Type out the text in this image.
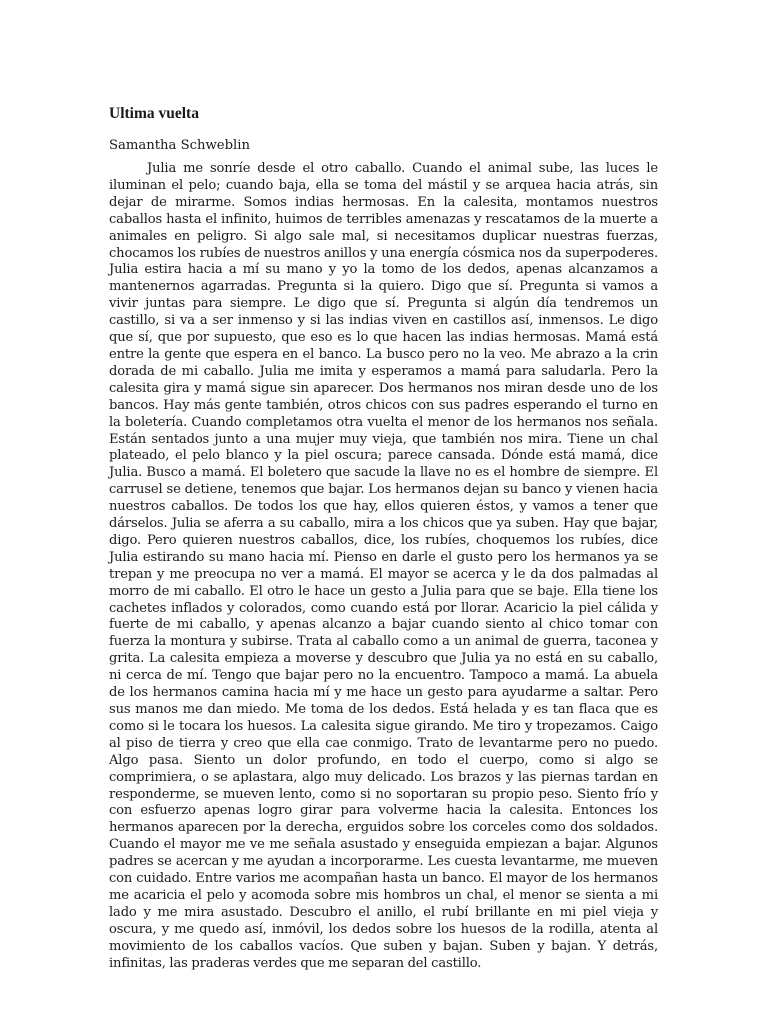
Ultima vuelta

Samantha Schweblin

Julia me sonríe desde el otro caballo. Cuando el animal sube, las luces le iluminan el pelo; cuando baja, ella se toma del mástil y se arquea hacia atrás, sin dejar de mirarme. Somos indias hermosas. En la calesita, montamos nuestros caballos hasta el infinito, huimos de terribles amenazas y rescatamos de la muerte a animales en peligro. Si algo sale mal, si necesitamos duplicar nuestras fuerzas, chocamos los rubíes de nuestros anillos y una energía cósmica nos da superpoderes. Julia estira hacia a mí su mano y yo la tomo de los dedos, apenas alcanzamos a mantenernos agarradas. Pregunta si la quiero. Digo que sí. Pregunta si vamos a vivir juntas para siempre. Le digo que sí. Pregunta si algún día tendremos un castillo, si va a ser inmenso y si las indias viven en castillos así, inmensos. Le digo que sí, que por supuesto, que eso es lo que hacen las indias hermosas. Mamá está entre la gente que espera en el banco. La busco pero no la veo. Me abrazo a la crin dorada de mi caballo. Julia me imita y esperamos a mamá para saludarla. Pero la calesita gira y mamá sigue sin aparecer. Dos hermanos nos miran desde uno de los bancos. Hay más gente también, otros chicos con sus padres esperando el turno en la boletería. Cuando completamos otra vuelta el menor de los hermanos nos señala. Están sentados junto a una mujer muy vieja, que también nos mira. Tiene un chal plateado, el pelo blanco y la piel oscura; parece cansada. Dónde está mamá, dice Julia. Busco a mamá. El boletero que sacude la llave no es el hombre de siempre. El carrusel se detiene, tenemos que bajar. Los hermanos dejan su banco y vienen hacia nuestros caballos. De todos los que hay, ellos quieren éstos, y vamos a tener que dárselos. Julia se aferra a su caballo, mira a los chicos que ya suben. Hay que bajar, digo. Pero quieren nuestros caballos, dice, los rubíes, choquemos los rubíes, dice Julia estirando su mano hacia mí. Pienso en darle el gusto pero los hermanos ya se trepan y me preocupa no ver a mamá. El mayor se acerca y le da dos palmadas al morro de mi caballo. El otro le hace un gesto a Julia para que se baje. Ella tiene los cachetes inflados y colorados, como cuando está por llorar. Acaricio la piel cálida y fuerte de mi caballo, y apenas alcanzo a bajar cuando siento al chico tomar con fuerza la montura y subirse. Trata al caballo como a un animal de guerra, taconea y grita. La calesita empieza a moverse y descubro que Julia ya no está en su caballo, ni cerca de mí. Tengo que bajar pero no la encuentro. Tampoco a mamá. La abuela de los hermanos camina hacia mí y me hace un gesto para ayudarme a saltar. Pero sus manos me dan miedo. Me toma de los dedos. Está helada y es tan flaca que es como si le tocara los huesos. La calesita sigue girando. Me tiro y tropezamos. Caigo al piso de tierra y creo que ella cae conmigo. Trato de levantarme pero no puedo. Algo pasa. Siento un dolor profundo, en todo el cuerpo, como si algo se comprimiera, o se aplastara, algo muy delicado. Los brazos y las piernas tardan en responderme, se mueven lento, como si no soportaran su propio peso. Siento frío y con esfuerzo apenas logro girar para volverme hacia la calesita. Entonces los hermanos aparecen por la derecha, erguidos sobre los corceles como dos soldados. Cuando el mayor me ve me señala asustado y enseguida empiezan a bajar. Algunos padres se acercan y me ayudan a incorporarme. Les cuesta levantarme, me mueven con cuidado. Entre varios me acompañan hasta un banco. El mayor de los hermanos me acaricia el pelo y acomoda sobre mis hombros un chal, el menor se sienta a mi lado y me mira asustado. Descubro el anillo, el rubí brillante en mi piel vieja y oscura, y me quedo así, inmóvil, los dedos sobre los huesos de la rodilla, atenta al movimiento de los caballos vacíos. Que suben y bajan. Suben y bajan. Y detrás, infinitas, las praderas verdes que me separan del castillo.
